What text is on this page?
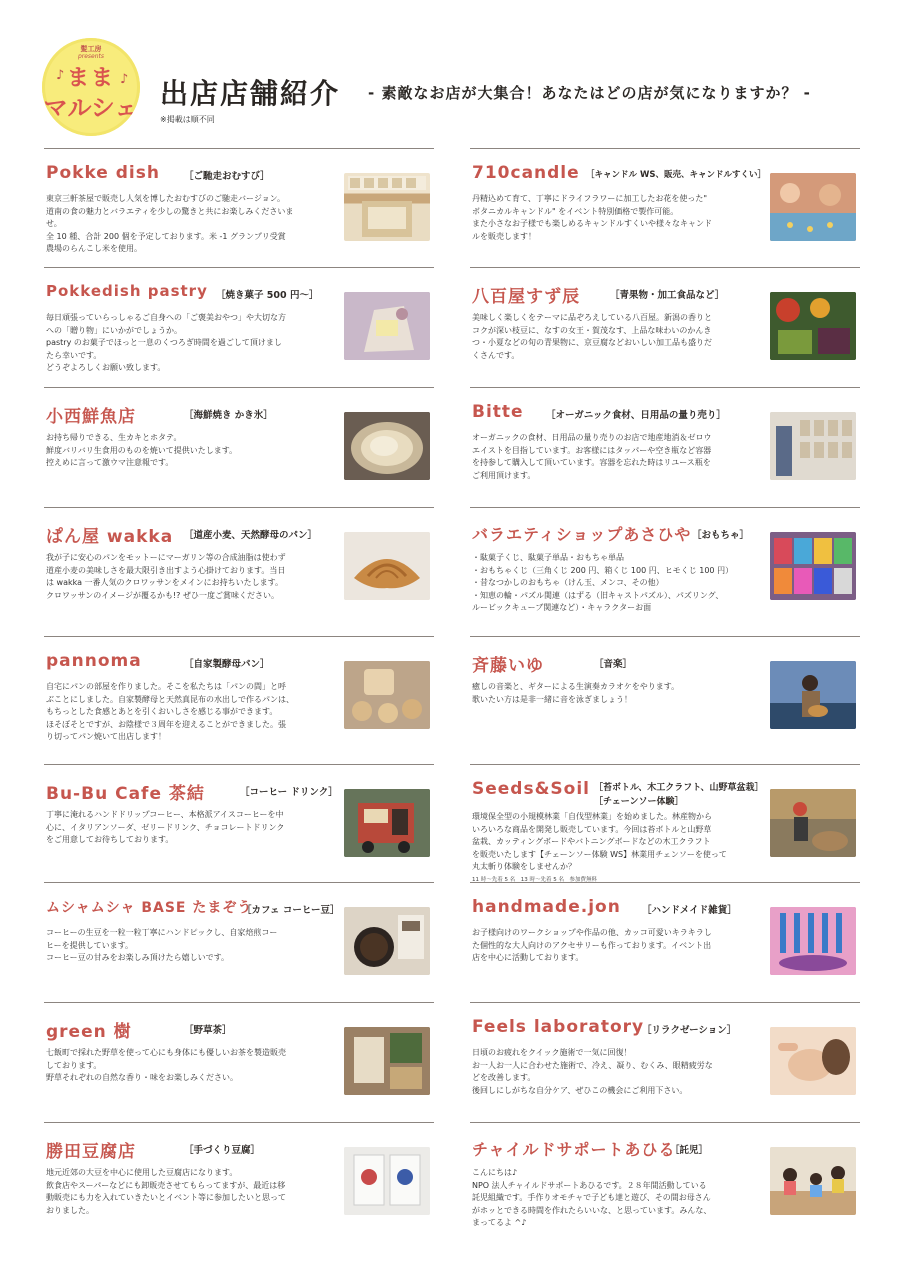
髪工房
presents
まま
マルシェ
♪	♪ 出店店舗紹介 - 素敵なお店が大集合！あなたはどの店が気になりますか？ -
※掲載は順不同
Pokke dish	［ご馳走おむすび］
東京三軒茶屋で販売し人気を博したおむすびのご馳走バージョン。
道南の食の魅力とバラエティを少しの驚きと共にお楽しみくださいま
せ。
全 10 種、合計 200 個を予定しております。米 -1 グランプリ受賞
農場のらんこし米を使用。
Pokkedish pastry ［焼き菓子 500 円～］
毎日頑張っていらっしゃるご自身への「ご褒美おやつ」や大切な方
への「贈り物」にいかがでしょうか。
pastry のお菓子でほっと一息のくつろぎ時間を過ごして頂けまし
たら幸いです。
どうぞよろしくお願い致します。
小西鮮魚店	［海鮮焼き かき氷］
お持ち帰りできる、生カキとホタテ。
鮮度バリバリ生食用のものを焼いて提供いたします。
控えめに言って激ウマ注意報です。
ぱん屋 wakka ［道産小麦、天然酵母のパン］
我が子に安心のパンをモットーにマーガリン等の合成油脂は使わず
道産小麦の美味しさを最大限引き出すよう心掛けております。当日
は wakka 一番人気のクロワッサンをメインにお持ちいたします。
クロワッサンのイメージが覆るかも!? ぜひ一度ご賞味ください。
pannoma	［自家製酵母パン］
自宅にパンの部屋を作りました。そこを私たちは「パンの間」と呼
ぶことにしました。自家製酵母と天然真昆布の水出しで作るパンは、
もちっとした食感とあとを引くおいしさを感じる事ができます。
ほそぼそとですが、お陰様で３周年を迎えることができました。張
り切ってパン焼いて出店します！
Bu-Bu Cafe 茶結	［コーヒー ドリンク］
丁寧に淹れるハンドドリップコーヒー、本格派アイスコーヒーを中
心に、イタリアンソーダ、ゼリードリンク、チョコレートドリンク
をご用意してお待ちしております。
ムシャムシャ BASE たまぞう
［カフェ コーヒー豆］
コーヒーの生豆を一粒一粒丁寧にハンドピックし、自家焙煎コー
ヒーを提供しています。
コーヒー豆の甘みをお楽しみ頂けたら嬉しいです。
green 樹	［野草茶］
七飯町で採れた野草を使って心にも身体にも優しいお茶を製造販売
しております。
野草それぞれの自然な香り・味をお楽しみください。
勝田豆腐店	［手づくり豆腐］
地元近郊の大豆を中心に使用した豆腐店になります。
飲食店やスーパーなどにも卸販売させてもらってますが、最近は移
動販売にも力を入れていきたいとイベント等に参加したいと思って
おりました。
710candle ［キャンドル WS、販売、キャンドルすくい］
丹精込めて育て、丁寧にドライフラワーに加工したお花を使った"
ボタニカルキャンドル" をイベント特別価格で製作可能。
また小さなお子様でも楽しめるキャンドルすくいや様々なキャンド
ルを販売します！
八百屋すず辰	［青果物・加工食品など］
美味しく楽しくをテーマに品ぞろえしている八百屋。新潟の香りと
コクが深い枝豆に、なすの女王・賀茂なす、上品な味わいのかんき
つ・小夏などの旬の青果物に、京豆腐などおいしい加工品も盛りだ
くさんです。
Bitte ［オーガニック食材、日用品の量り売り］
オーガニックの食材、日用品の量り売りのお店で地産地消＆ゼロウ
エイストを目指しています。お客様にはタッパーや空き瓶など容器
を持参して購入して頂いています。容器を忘れた時はリユース瓶を
ご利用頂けます。
バラエティショップあさひや ［おもちゃ］
・駄菓子くじ、駄菓子単品・おもちゃ単品
・おもちゃくじ（三角くじ 200 円、箱くじ 100 円、ヒモくじ 100 円）
・昔なつかしのおもちゃ（けん玉、メンコ、その他）
・知恵の輪・パズル関連（はずる（旧キャストパズル）、パズリング、
ルービックキューブ関連など）・キャラクターお面
斉藤いゆ	［音楽］
癒しの音楽と、ギターによる生演奏カラオケをやります。
歌いたい方は是非一緒に音を泳ぎましょう！
Seeds&Soil ［苔ボトル、木工クラフト、山野草盆栽］
［チェーンソー体験］
環境保全型の小規模林業「自伐型林業」を始めました。林産物から
いろいろな商品を開発し販売しています。今回は苔ボトルと山野草
盆栽、カッティングボードやバトニングボードなどの木工クラフト
を販売いたします【チェーンソー体験 WS】林業用チェンソーを使って
丸太斬り体験をしませんか？
11 時～先着 5 名　13 時～先着 5 名　参加費無料
handmade.jon ［ハンドメイド雑貨］
お子様向けのワークショップや作品の他、カッコ可愛いキラキラし
た個性的な大人向けのアクセサリーも作っております。イベント出
店を中心に活動しております。
Feels laboratory
［リラクゼーション］
日頃のお疲れをクイック施術で一気に回復！
お一人お一人に合わせた施術で、冷え、凝り、むくみ、眼精疲労な
どを改善します。
後回しにしがちな自分ケア、ぜひこの機会にご利用下さい。
チャイルドサポートあひる
［託児］
こんにちは♪
NPO 法人チャイルドサポートあひるです。２８年間活動している
託児組織です。手作りオモチャで子ども達と遊び、その間お母さん
がホッとできる時間を作れたらいいな、と思っています。みんな、
まってるよ ^♪
